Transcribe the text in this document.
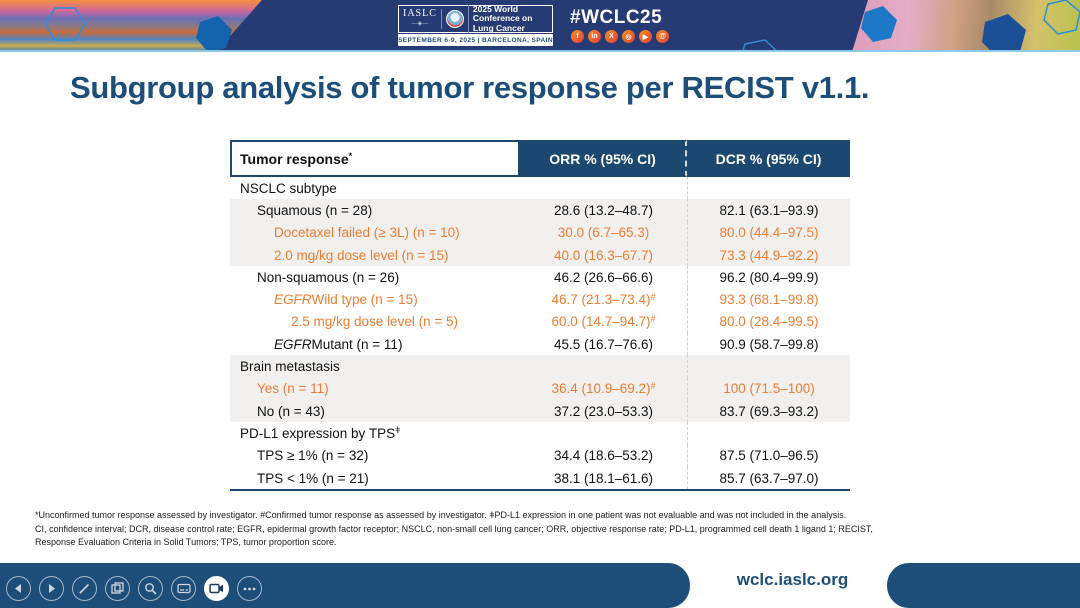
IASLC
—◈—
2025 World Conference on Lung Cancer
SEPTEMBER 6-9, 2025 | BARCELONA, SPAIN
#WCLC25
f	in	X	◎	▶	@
Subgroup analysis of tumor response per RECIST v1.1.
Tumor response*	ORR % (95% CI)	DCR % (95% CI)
NSCLC subtype
Squamous (n = 28)	28.6 (13.2–48.7)	82.1 (63.1–93.9)
Docetaxel failed (≥ 3L) (n = 10)	30.0 (6.7–65.3)	80.0 (44.4–97.5)
2.0 mg/kg dose level (n = 15)	40.0 (16.3–67.7)	73.3 (44.9–92.2)
Non-squamous (n = 26)	46.2 (26.6–66.6)	96.2 (80.4–99.9)
EGFR Wild type (n = 15)	46.7 (21.3–73.4)#	93.3 (68.1–99.8)
2.5 mg/kg dose level (n = 5)	60.0 (14.7–94.7)#	80.0 (28.4–99.5)
EGFR Mutant (n = 11)	45.5 (16.7–76.6)	90.9 (58.7–99.8)
Brain metastasis
Yes (n = 11)	36.4 (10.9–69.2)#	100 (71.5–100)
No (n = 43)	37.2 (23.0–53.3)	83.7 (69.3–93.2)
PD-L1 expression by $TPS^ǂ$
TPS ≥ 1% (n = 32)	34.4 (18.6–53.2)	87.5 (71.0–96.5)
TPS < 1% (n = 21)	38.1 (18.1–61.6)	85.7 (63.7–97.0)
*Unconfirmed tumor response assessed by investigator. #Confirmed tumor response as assessed by investigator. ǂPD-L1 expression in one patient was not evaluable and was not included in the analysis.
CI, confidence interval; DCR, disease control rate; EGFR, epidermal growth factor receptor; NSCLC, non-small cell lung cancer; ORR, objective response rate; PD-L1, programmed cell death 1 ligand 1; RECIST,
Response Evaluation Criteria in Solid Tumors; TPS, tumor proportion score.
wclc.iaslc.org
